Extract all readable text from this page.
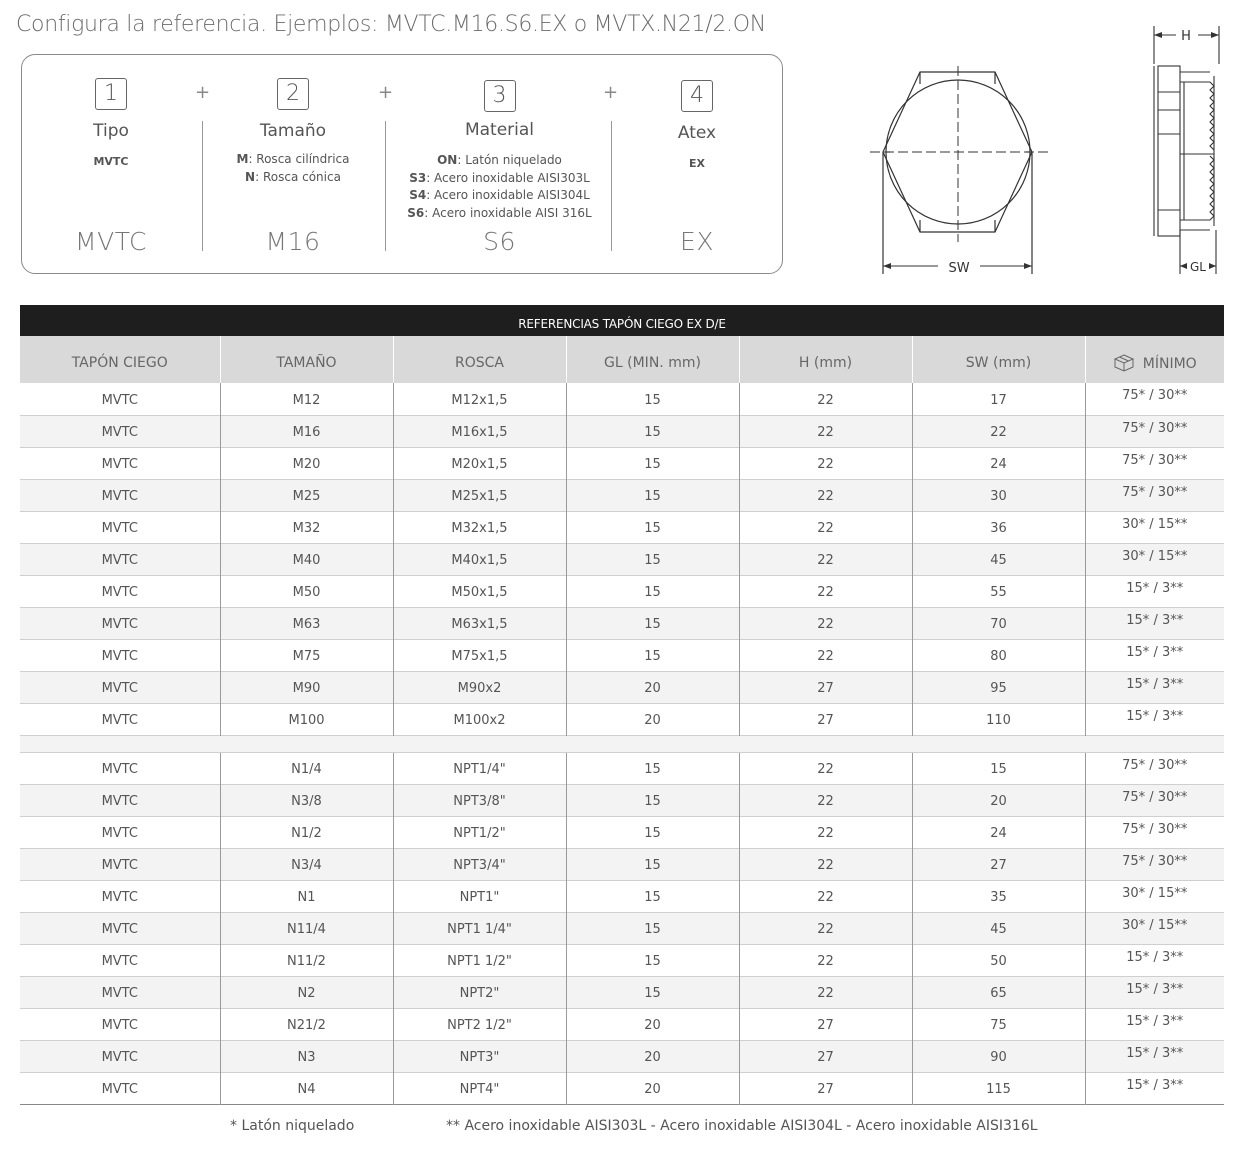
Configura la referencia. Ejemplos: MVTC.M16.S6.EX o MVTX.N21/2.ON
1
Tipo
MVTC
MVTC
+	2
Tamaño
M: Rosca cilíndrica
N: Rosca cónica
M16
+	3
Material
ON: Latón niquelado
S3: Acero inoxidable AISI303L
S4: Acero inoxidable AISI304L
S6: Acero inoxidable AISI 316L
S6
+	4
Atex
EX
EX
SW
H
GL
REFERENCIAS TAPÓN CIEGO EX D/E
TAPÓN CIEGO	TAMAÑO	ROSCA	GL (MIN. mm)	H (mm)	SW (mm)	MÍNIMO
MVTC	M12	M12x1,5	15	22	17	75* / 30**
MVTC	M16	M16x1,5	15	22	22	75* / 30**
MVTC	M20	M20x1,5	15	22	24	75* / 30**
MVTC	M25	M25x1,5	15	22	30	75* / 30**
MVTC	M32	M32x1,5	15	22	36	30* / 15**
MVTC	M40	M40x1,5	15	22	45	30* / 15**
MVTC	M50	M50x1,5	15	22	55	15* / 3**
MVTC	M63	M63x1,5	15	22	70	15* / 3**
MVTC	M75	M75x1,5	15	22	80	15* / 3**
MVTC	M90	M90x2	20	27	95	15* / 3**
MVTC	M100	M100x2	20	27	110	15* / 3**

MVTC	N1/4	NPT1/4"	15	22	15	75* / 30**
MVTC	N3/8	NPT3/8"	15	22	20	75* / 30**
MVTC	N1/2	NPT1/2"	15	22	24	75* / 30**
MVTC	N3/4	NPT3/4"	15	22	27	75* / 30**
MVTC	N1	NPT1"	15	22	35	30* / 15**
MVTC	N11/4	NPT1 1/4"	15	22	45	30* / 15**
MVTC	N11/2	NPT1 1/2"	15	22	50	15* / 3**
MVTC	N2	NPT2"	15	22	65	15* / 3**
MVTC	N21/2	NPT2 1/2"	20	27	75	15* / 3**
MVTC	N3	NPT3"	20	27	90	15* / 3**
MVTC	N4	NPT4"	20	27	115	15* / 3**
* Latón niquelado	** Acero inoxidable AISI303L - Acero inoxidable AISI304L - Acero inoxidable AISI316L
